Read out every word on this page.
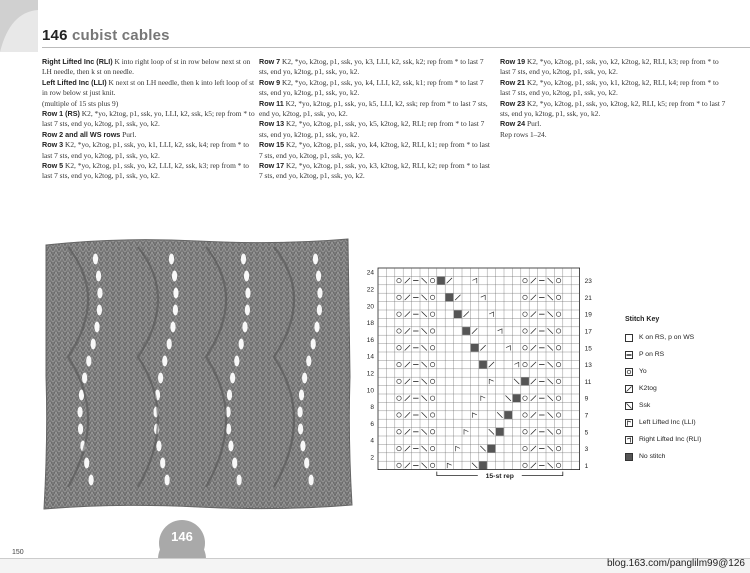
146 cubist cables

Right Lifted Inc (RLI) K into right loop of st in row below next st on LH needle, then k st on needle.

Left Lifted Inc (LLI) K next st on LH needle, then k into left loop of st in row below st just knit.

(multiple of 15 sts plus 9)

Row 1 (RS) K2, *yo, k2tog, p1, ssk, yo, LLI, k2, ssk, k5; rep from * to last 7 sts, end yo, k2tog, p1, ssk, yo, k2.

Row 2 and all WS rows Purl.

Row 3 K2, *yo, k2tog, p1, ssk, yo, k1, LLI, k2, ssk, k4; rep from * to last 7 sts, end yo, k2tog, p1, ssk, yo, k2.

Row 5 K2, *yo, k2tog, p1, ssk, yo, k2, LLI, k2, ssk, k3; rep from * to last 7 sts, end yo, k2tog, p1, ssk, yo, k2.

Row 7 K2, *yo, k2tog, p1, ssk, yo, k3, LLI, k2, ssk, k2; rep from * to last 7 sts, end yo, k2tog, p1, ssk, yo, k2.

Row 9 K2, *yo, k2tog, p1, ssk, yo, k4, LLI, k2, ssk, k1; rep from * to last 7 sts, end yo, k2tog, p1, ssk, yo, k2.

Row 11 K2, *yo, k2tog, p1, ssk, yo, k5, LLI, k2, ssk; rep from * to last 7 sts, end yo, k2tog, p1, ssk, yo, k2.

Row 13 K2, *yo, k2tog, p1, ssk, yo, k5, k2tog, k2, RLI; rep from * to last 7 sts, end yo, k2tog, p1, ssk, yo, k2.

Row 15 K2, *yo, k2tog, p1, ssk, yo, k4, k2tog, k2, RLI, k1; rep from * to last 7 sts, end yo, k2tog, p1, ssk, yo, k2.

Row 17 K2, *yo, k2tog, p1, ssk, yo, k3, k2tog, k2, RLI, k2; rep from * to last 7 sts, end yo, k2tog, p1, ssk, yo, k2.

Row 19 K2, *yo, k2tog, p1, ssk, yo, k2, k2tog, k2, RLI, k3; rep from * to last 7 sts, end yo, k2tog, p1, ssk, yo, k2.

Row 21 K2, *yo, k2tog, p1, ssk, yo, k1, k2tog, k2, RLI, k4; rep from * to last 7 sts, end yo, k2tog, p1, ssk, yo, k2.

Row 23 K2, *yo, k2tog, p1, ssk, yo, k2tog, k2, RLI, k5; rep from * to last 7 sts, end yo, k2tog, p1, ssk, yo, k2.

Row 24 Purl.

Rep rows 1–24.

24
22
20
18
16
14
12
10
8
6
4
2
23
21
19
17
15
13
11
9
7
5
3
1
15-st rep
Stitch Key
K on RS, p on WS
P on RS
Yo
K2tog
Ssk
Left Lifted Inc (LLI)
Right Lifted Inc (RLI)
No stitch
146
150
blog.163.com/panglilm99@126
